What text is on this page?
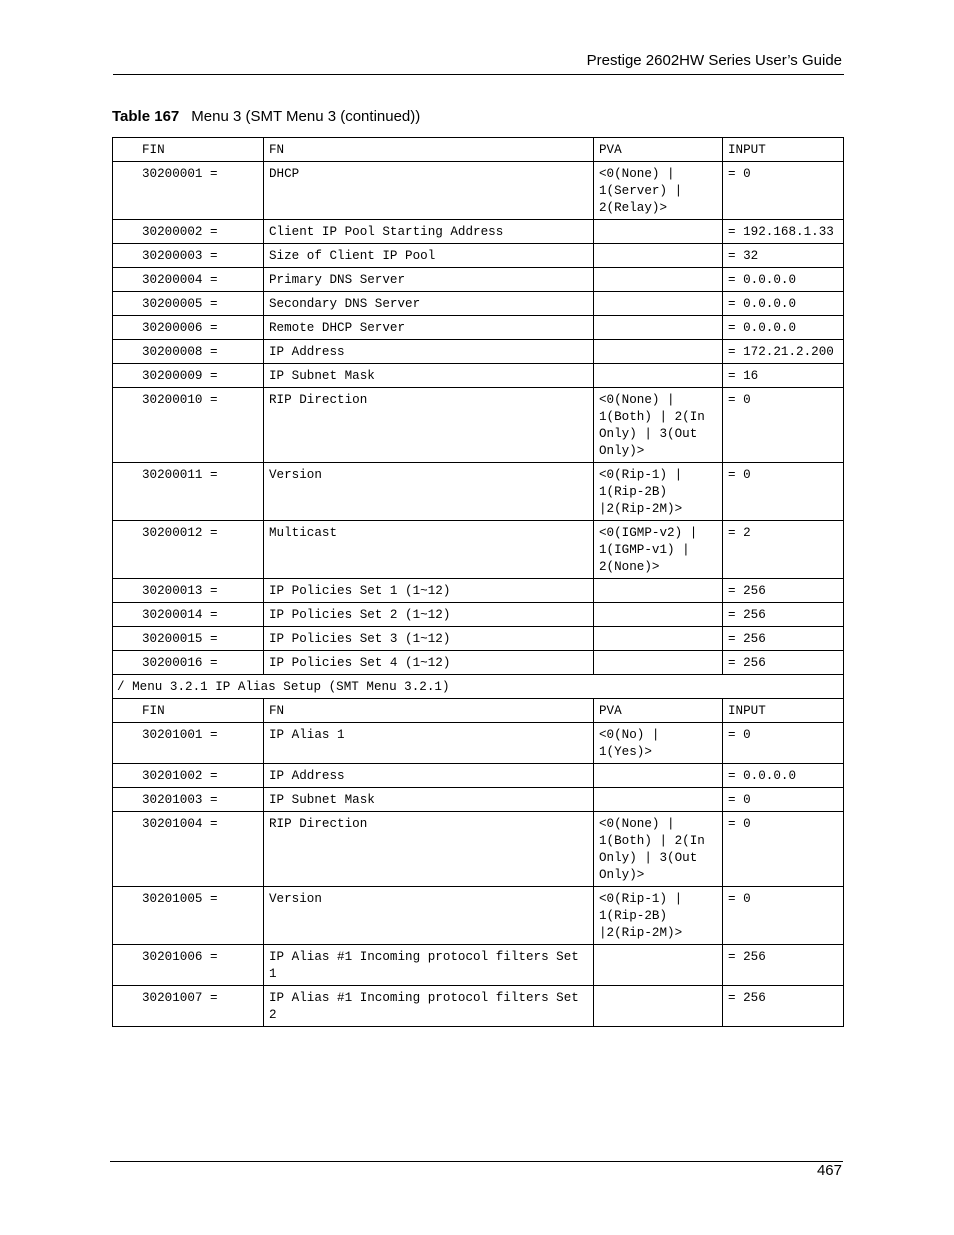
Prestige 2602HW Series User’s Guide
Table 167 Menu 3 (SMT Menu 3 (continued))
FIN	FN	PVA	INPUT
30200001 =	DHCP	<0(None) | 1(Server) | 2(Relay)>	= 0
30200002 =	Client IP Pool Starting Address		= 192.168.1.33
30200003 =	Size of Client IP Pool		= 32
30200004 =	Primary DNS Server		= 0.0.0.0
30200005 =	Secondary DNS Server		= 0.0.0.0
30200006 =	Remote DHCP Server		= 0.0.0.0
30200008 =	IP Address		= 172.21.2.200
30200009 =	IP Subnet Mask		= 16
30200010 =	RIP Direction	<0(None) | 1(Both) | 2(In Only) | 3(Out Only)>	= 0
30200011 =	Version	<0(Rip-1) | 1(Rip-2B) |2(Rip-2M)>	= 0
30200012 =	Multicast	<0(IGMP-v2) | 1(IGMP-v1) | 2(None)>	= 2
30200013 =	IP Policies Set 1 (1~12)		= 256
30200014 =	IP Policies Set 2 (1~12)		= 256
30200015 =	IP Policies Set 3 (1~12)		= 256
30200016 =	IP Policies Set 4 (1~12)		= 256
/ Menu 3.2.1 IP Alias Setup (SMT Menu 3.2.1)			
FIN	FN	PVA	INPUT
30201001 =	IP Alias 1	<0(No) | 1(Yes)>	= 0
30201002 =	IP Address		= 0.0.0.0
30201003 =	IP Subnet Mask		= 0
30201004 =	RIP Direction	<0(None) | 1(Both) | 2(In Only) | 3(Out Only)>	= 0
30201005 =	Version	<0(Rip-1) | 1(Rip-2B) |2(Rip-2M)>	= 0
30201006 =	IP Alias #1 Incoming protocol filters Set 1		= 256
30201007 =	IP Alias #1 Incoming protocol filters Set 2		= 256
467
